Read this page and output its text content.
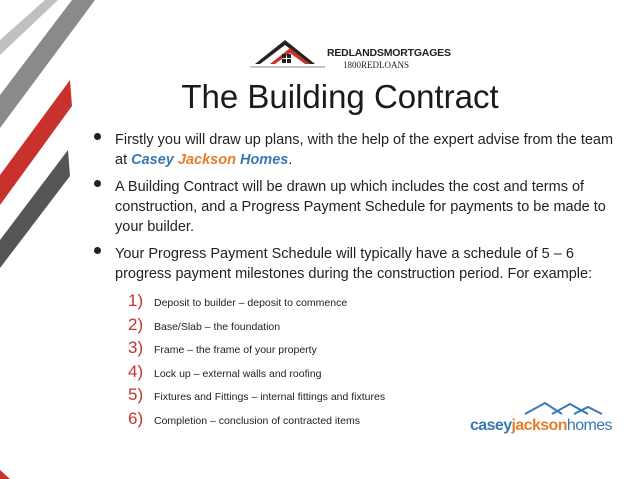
REDLANDSMORTGAGES
1800REDLOANS
The Building Contract
Firstly you will draw up plans, with the help of the expert advise from the team at Casey Jackson Homes.
A Building Contract will be drawn up which includes the cost and terms of construction, and a Progress Payment Schedule for payments to be made to your builder.
Your Progress Payment Schedule will typically have a schedule of 5 – 6 progress payment milestones during the construction period. For example:
1)	Deposit to builder – deposit to commence
2)	Base/Slab – the foundation
3)	Frame – the frame of your property
4)	Lock up – external walls and roofing
5)	Fixtures and Fittings – internal fittings and fixtures
6)	Completion – conclusion of contracted items	caseyjacksonhomes
